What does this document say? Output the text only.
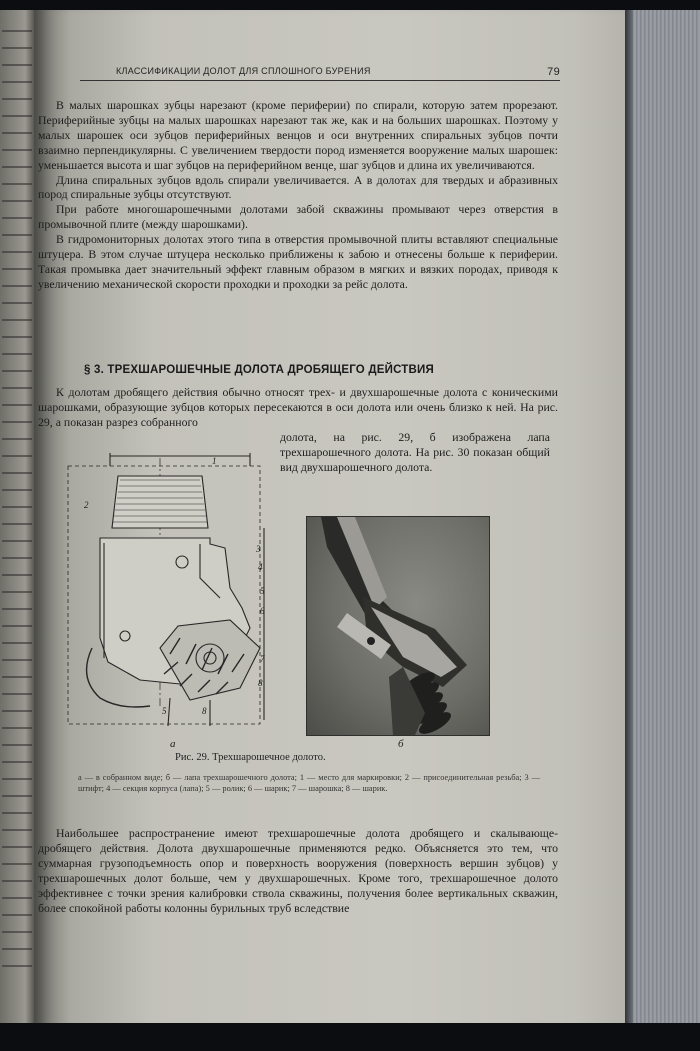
КЛАССИФИКАЦИИ ДОЛОТ ДЛЯ СПЛОШНОГО БУРЕНИЯ	79

В малых шарошках зубцы нарезают (кроме периферии) по спирали, которую затем прорезают. Периферийные зубцы на малых шарошках нарезают так же, как и на больших шарошках. Поэтому у малых шарошек оси зубцов периферийных венцов и оси внутренних спиральных зубцов почти взаимно перпендикулярны. С увеличением твердости пород изменяется вооружение малых шарошек: уменьшается высота и шаг зубцов на периферийном венце, шаг зубцов и длина их увеличиваются.

Длина спиральных зубцов вдоль спирали увеличивается. А в долотах для твердых и абразивных пород спиральные зубцы отсутствуют.

При работе многошарошечными долотами забой скважины промывают через отверстия в промывочной плите (между шарошками).

В гидромониторных долотах этого типа в отверстия промывочной плиты вставляют специальные штуцера. В этом случае штуцера несколько приближены к забою и отнесены больше к периферии. Такая промывка дает значительный эффект главным образом в мягких и вязких породах, приводя к увеличению механической скорости проходки и проходки за рейс долота.

§ 3. ТРЕХШАРОШЕЧНЫЕ ДОЛОТА ДРОБЯЩЕГО ДЕЙСТВИЯ

К долотам дробящего действия обычно относят трех- и двухшарошечные долота с коническими шарошками, образующие зубцов которых пересекаются в оси долота или очень близко к ней. На рис. 29, а показан разрез собранного

долота, на рис. 29, б изображена лапа трехшарошечного долота. На рис. 30 показан общий вид двухшарошечного долота.
1
2
3
4
5
6
7
8
5	8
а	б
Рис. 29. Трехшарошечное долото.
а — в собранном виде; б — лапа трехшарошечного долота; 1 — место для маркировки; 2 — присоединительная резьба; 3 — штифт; 4 — секция корпуса (лапа); 5 — ролик; 6 — шарик; 7 — шарошка; 8 — шарик.

Наибольшее распространение имеют трехшарошечные долота дробящего и скалывающе-дробящего действия. Долота двухшарошечные применяются редко. Объясняется это тем, что суммарная грузоподъемность опор и поверхность вооружения (поверхность вершин зубцов) у трехшарошечных долот больше, чем у двухшарошечных. Кроме того, трехшарошечное долото эффективнее с точки зрения калибровки ствола скважины, получения более вертикальных скважин, более спокойной работы колонны бурильных труб вследствие
